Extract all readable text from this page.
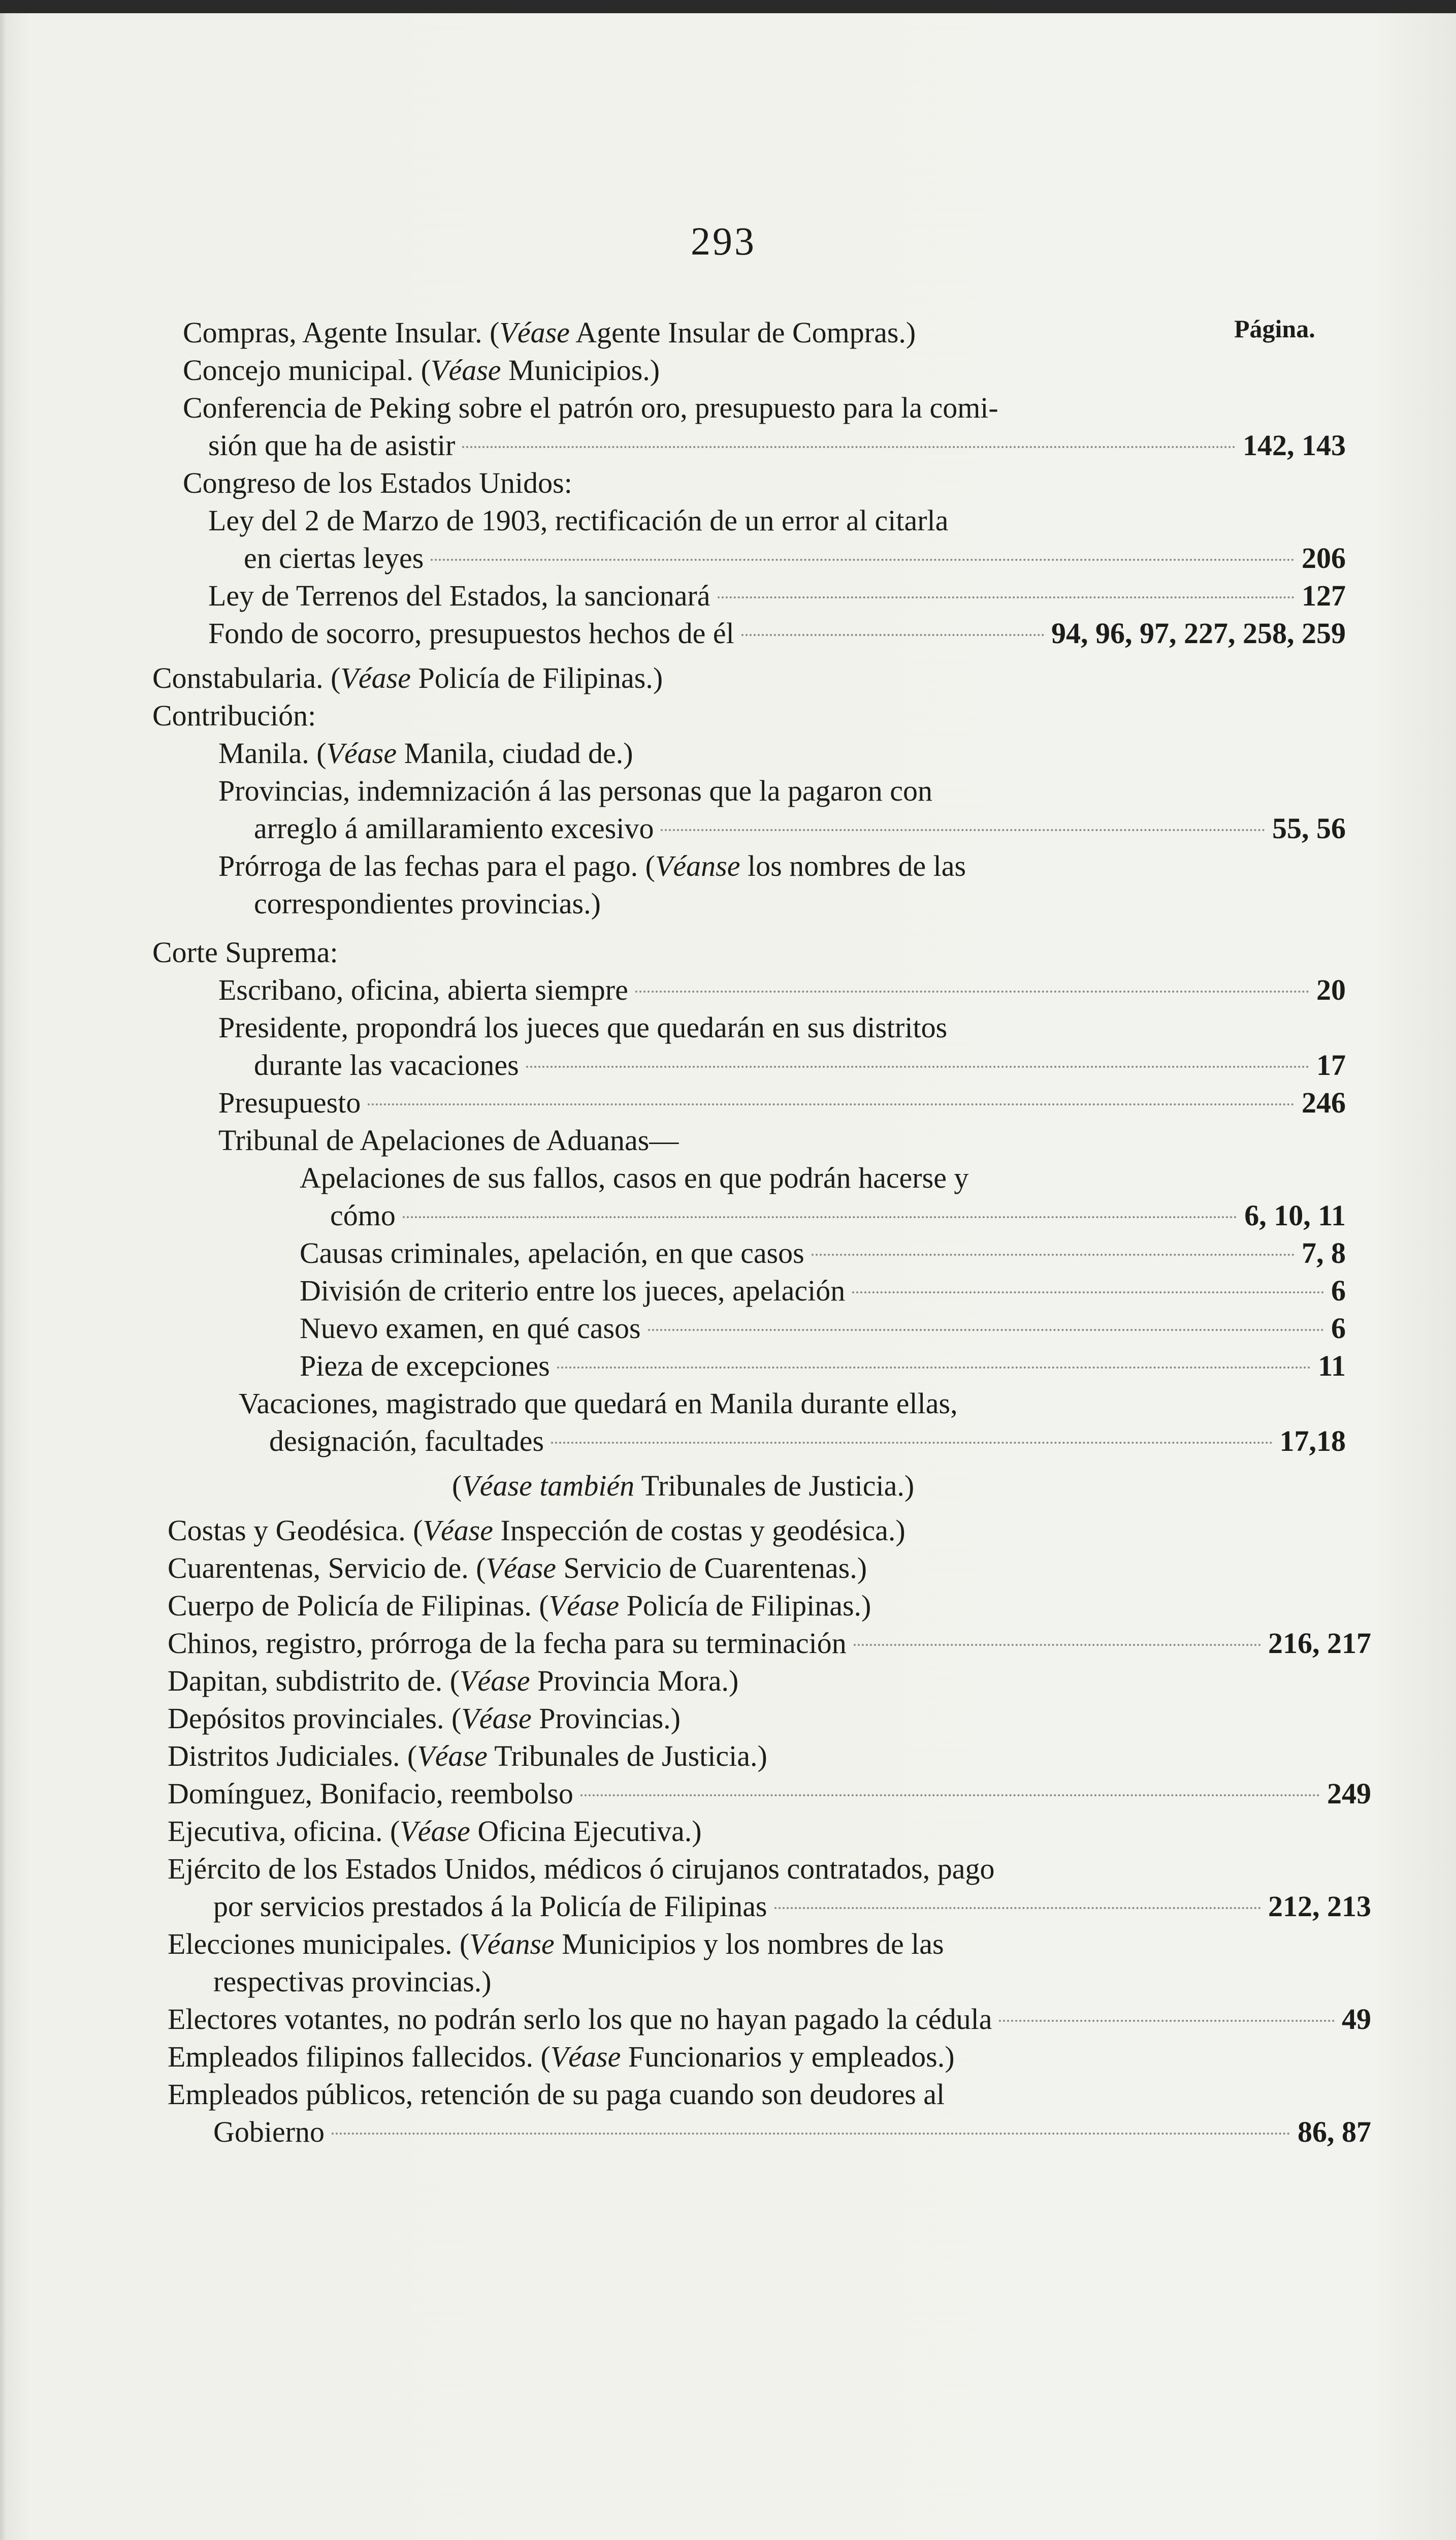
293
Página.
Compras, Agente Insular. (Véase Agente Insular de Compras.)
Concejo municipal. (Véase Municipios.)
Conferencia de Peking sobre el patrón oro, presupuesto para la comi-
sión que ha de asistir	142, 143
Congreso de los Estados Unidos:
Ley del 2 de Marzo de 1903, rectificación de un error al citarla
en ciertas leyes	206
Ley de Terrenos del Estados, la sancionará	127
Fondo de socorro, presupuestos hechos de él	94, 96, 97, 227, 258, 259
Constabularia. (Véase Policía de Filipinas.)
Contribución:
Manila. (Véase Manila, ciudad de.)
Provincias, indemnización á las personas que la pagaron con
arreglo á amillaramiento excesivo	55, 56
Prórroga de las fechas para el pago. (Véanse los nombres de las
correspondientes provincias.)
Corte Suprema:
Escribano, oficina, abierta siempre	20
Presidente, propondrá los jueces que quedarán en sus distritos
durante las vacaciones	17
Presupuesto	246
Tribunal de Apelaciones de Aduanas—
Apelaciones de sus fallos, casos en que podrán hacerse y
cómo	6, 10, 11
Causas criminales, apelación, en que casos	7, 8
División de criterio entre los jueces, apelación	6
Nuevo examen, en qué casos	6
Pieza de excepciones	11
Vacaciones, magistrado que quedará en Manila durante ellas,
designación, facultades	17,18
(Véase también Tribunales de Justicia.)
Costas y Geodésica. (Véase Inspección de costas y geodésica.)
Cuarentenas, Servicio de. (Véase Servicio de Cuarentenas.)
Cuerpo de Policía de Filipinas. (Véase Policía de Filipinas.)
Chinos, registro, prórroga de la fecha para su terminación	216, 217
Dapitan, subdistrito de. (Véase Provincia Mora.)
Depósitos provinciales. (Véase Provincias.)
Distritos Judiciales. (Véase Tribunales de Justicia.)
Domínguez, Bonifacio, reembolso	249
Ejecutiva, oficina. (Véase Oficina Ejecutiva.)
Ejército de los Estados Unidos, médicos ó cirujanos contratados, pago
por servicios prestados á la Policía de Filipinas	212, 213
Elecciones municipales. (Véanse Municipios y los nombres de las
respectivas provincias.)
Electores votantes, no podrán serlo los que no hayan pagado la cédula	49
Empleados filipinos fallecidos. (Véase Funcionarios y empleados.)
Empleados públicos, retención de su paga cuando son deudores al
Gobierno	86, 87
